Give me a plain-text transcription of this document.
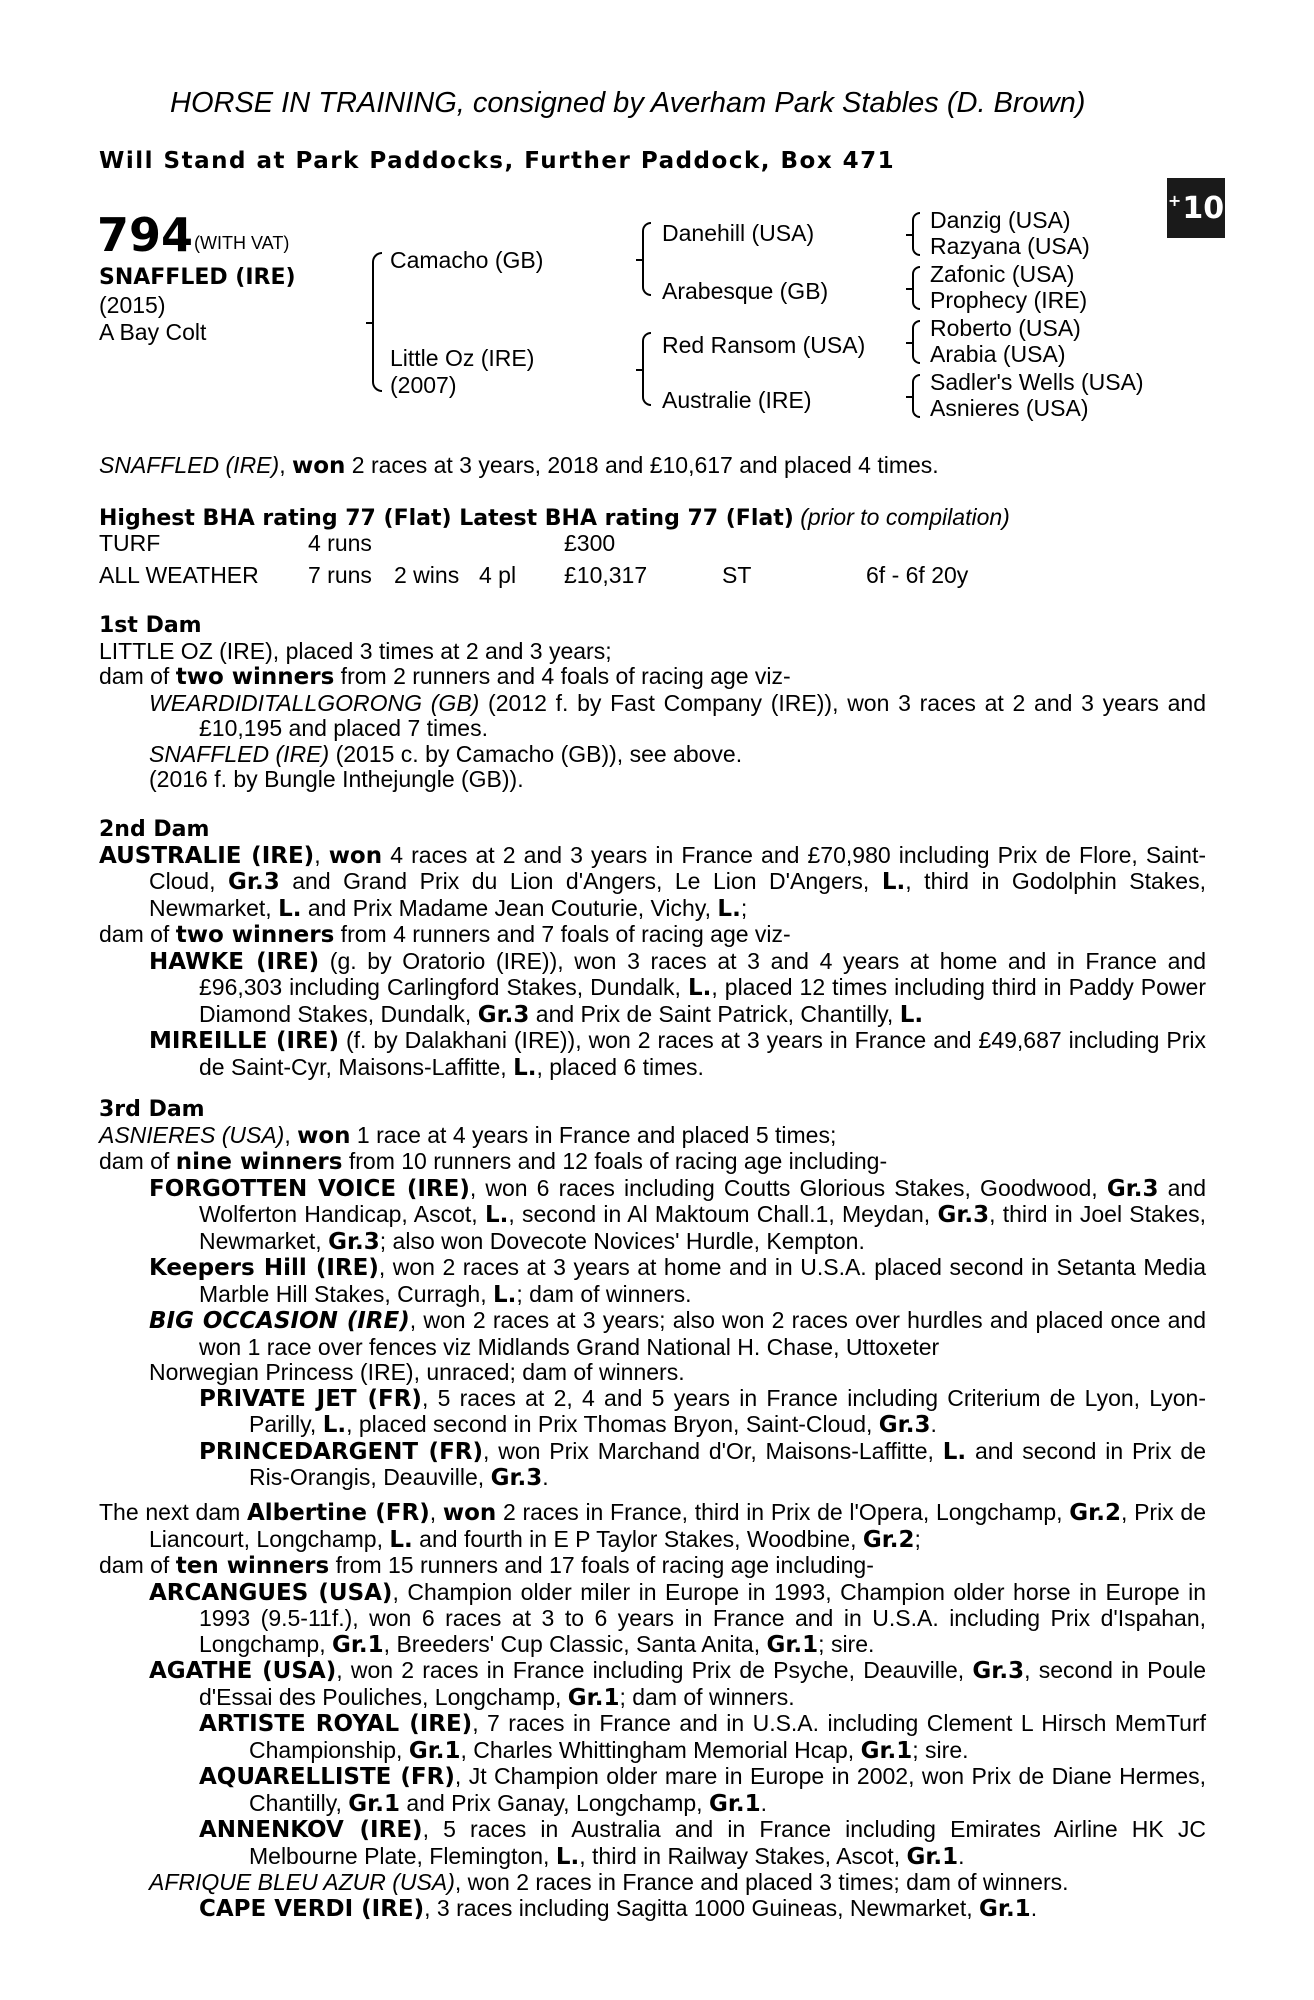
HORSE IN TRAINING, consigned by Averham Park Stables (D. Brown)
Will Stand at Park Paddocks, Further Paddock, Box 471
+ 10
794 (WITH VAT)
SNAFFLED (IRE)
(2015)
A Bay Colt
Camacho (GB)
Little Oz (IRE)
(2007)
Danehill (USA)
Arabesque (GB)
Red Ransom (USA)
Australie (IRE)
Danzig (USA)
Razyana (USA)
Zafonic (USA)
Prophecy (IRE)
Roberto (USA)
Arabia (USA)
Sadler's Wells (USA)
Asnieres (USA)
SNAFFLED (IRE), won 2 races at 3 years, 2018 and £10,617 and placed 4 times.
Highest BHA rating 77 (Flat) Latest BHA rating 77 (Flat) (prior to compilation)
TURF	4 runs	£300
ALL WEATHER 7 runs 2 wins 4 pl £10,317	ST	6f - 6f 20y
1st Dam
LITTLE OZ (IRE), placed 3 times at 2 and 3 years;
dam of two winners from 2 runners and 4 foals of racing age viz-
WEARDIDITALLGORONG (GB) (2012 f. by Fast Company (IRE)), won 3 races at 2 and 3 years and £10,195 and placed 7 times.
SNAFFLED (IRE) (2015 c. by Camacho (GB)), see above.
(2016 f. by Bungle Inthejungle (GB)).
2nd Dam
AUSTRALIE (IRE), won 4 races at 2 and 3 years in France and £70,980 including Prix de Flore, Saint-Cloud, Gr.3 and Grand Prix du Lion d'Angers, Le Lion D'Angers, L., third in Godolphin Stakes, Newmarket, L. and Prix Madame Jean Couturie, Vichy, L.;
dam of two winners from 4 runners and 7 foals of racing age viz-
HAWKE (IRE) (g. by Oratorio (IRE)), won 3 races at 3 and 4 years at home and in France and £96,303 including Carlingford Stakes, Dundalk, L., placed 12 times including third in Paddy Power Diamond Stakes, Dundalk, Gr.3 and Prix de Saint Patrick, Chantilly, L.
MIREILLE (IRE) (f. by Dalakhani (IRE)), won 2 races at 3 years in France and £49,687 including Prix de Saint-Cyr, Maisons-Laffitte, L., placed 6 times.
3rd Dam
ASNIERES (USA), won 1 race at 4 years in France and placed 5 times;
dam of nine winners from 10 runners and 12 foals of racing age including-
FORGOTTEN VOICE (IRE), won 6 races including Coutts Glorious Stakes, Goodwood, Gr.3 and Wolferton Handicap, Ascot, L., second in Al Maktoum Chall.1, Meydan, Gr.3, third in Joel Stakes, Newmarket, Gr.3; also won Dovecote Novices' Hurdle, Kempton.
Keepers Hill (IRE), won 2 races at 3 years at home and in U.S.A. placed second in Setanta Media Marble Hill Stakes, Curragh, L.; dam of winners.
BIG OCCASION (IRE), won 2 races at 3 years; also won 2 races over hurdles and placed once and won 1 race over fences viz Midlands Grand National H. Chase, Uttoxeter
Norwegian Princess (IRE), unraced; dam of winners.
PRIVATE JET (FR), 5 races at 2, 4 and 5 years in France including Criterium de Lyon, Lyon-Parilly, L., placed second in Prix Thomas Bryon, Saint-Cloud, Gr.3.
PRINCEDARGENT (FR), won Prix Marchand d'Or, Maisons-Laffitte, L. and second in Prix de Ris-Orangis, Deauville, Gr.3.
The next dam Albertine (FR), won 2 races in France, third in Prix de l'Opera, Longchamp, Gr.2, Prix de Liancourt, Longchamp, L. and fourth in E P Taylor Stakes, Woodbine, Gr.2;
dam of ten winners from 15 runners and 17 foals of racing age including-
ARCANGUES (USA), Champion older miler in Europe in 1993, Champion older horse in Europe in 1993 (9.5-11f.), won 6 races at 3 to 6 years in France and in U.S.A. including Prix d'Ispahan, Longchamp, Gr.1, Breeders' Cup Classic, Santa Anita, Gr.1; sire.
AGATHE (USA), won 2 races in France including Prix de Psyche, Deauville, Gr.3, second in Poule d'Essai des Pouliches, Longchamp, Gr.1; dam of winners.
ARTISTE ROYAL (IRE), 7 races in France and in U.S.A. including Clement L Hirsch MemTurf Championship, Gr.1, Charles Whittingham Memorial Hcap, Gr.1; sire.
AQUARELLISTE (FR), Jt Champion older mare in Europe in 2002, won Prix de Diane Hermes, Chantilly, Gr.1 and Prix Ganay, Longchamp, Gr.1.
ANNENKOV (IRE), 5 races in Australia and in France including Emirates Airline HK JC Melbourne Plate, Flemington, L., third in Railway Stakes, Ascot, Gr.1.
AFRIQUE BLEU AZUR (USA), won 2 races in France and placed 3 times; dam of winners.
CAPE VERDI (IRE), 3 races including Sagitta 1000 Guineas, Newmarket, Gr.1.
